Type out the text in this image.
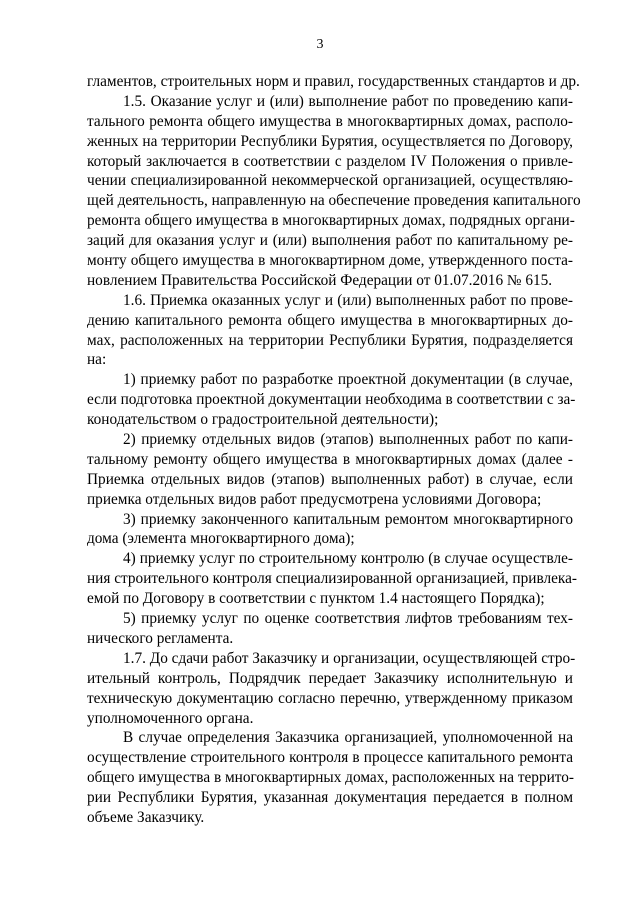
3
гламентов, строительных норм и правил, государственных стандартов и др.
1.5. Оказание услуг и (или) выполнение работ по проведению капи-
тального ремонта общего имущества в многоквартирных домах, располо-
женных на территории Республики Бурятия, осуществляется по Договору,
который заключается в соответствии с разделом IV Положения о привле-
чении специализированной некоммерческой организацией, осуществляю-
щей деятельность, направленную на обеспечение проведения капитального
ремонта общего имущества в многоквартирных домах, подрядных органи-
заций для оказания услуг и (или) выполнения работ по капитальному ре-
монту общего имущества в многоквартирном доме, утвержденного поста-
новлением Правительства Российской Федерации от 01.07.2016 № 615.
1.6. Приемка оказанных услуг и (или) выполненных работ по прове-
дению капитального ремонта общего имущества в многоквартирных до-
мах, расположенных на территории Республики Бурятия, подразделяется
на:
1) приемку работ по разработке проектной документации (в случае,
если подготовка проектной документации необходима в соответствии с за-
конодательством о градостроительной деятельности);
2) приемку отдельных видов (этапов) выполненных работ по капи-
тальному ремонту общего имущества в многоквартирных домах (далее -
Приемка отдельных видов (этапов) выполненных работ) в случае, если
приемка отдельных видов работ предусмотрена условиями Договора;
3) приемку законченного капитальным ремонтом многоквартирного
дома (элемента многоквартирного дома);
4) приемку услуг по строительному контролю (в случае осуществле-
ния строительного контроля специализированной организацией, привлека-
емой по Договору в соответствии с пунктом 1.4 настоящего Порядка);
5) приемку услуг по оценке соответствия лифтов требованиям тех-
нического регламента.
1.7. До сдачи работ Заказчику и организации, осуществляющей стро-
ительный контроль, Подрядчик передает Заказчику исполнительную и
техническую документацию согласно перечню, утвержденному приказом
уполномоченного органа.
В случае определения Заказчика организацией, уполномоченной на
осуществление строительного контроля в процессе капитального ремонта
общего имущества в многоквартирных домах, расположенных на террито-
рии Республики Бурятия, указанная документация передается в полном
объеме Заказчику.
